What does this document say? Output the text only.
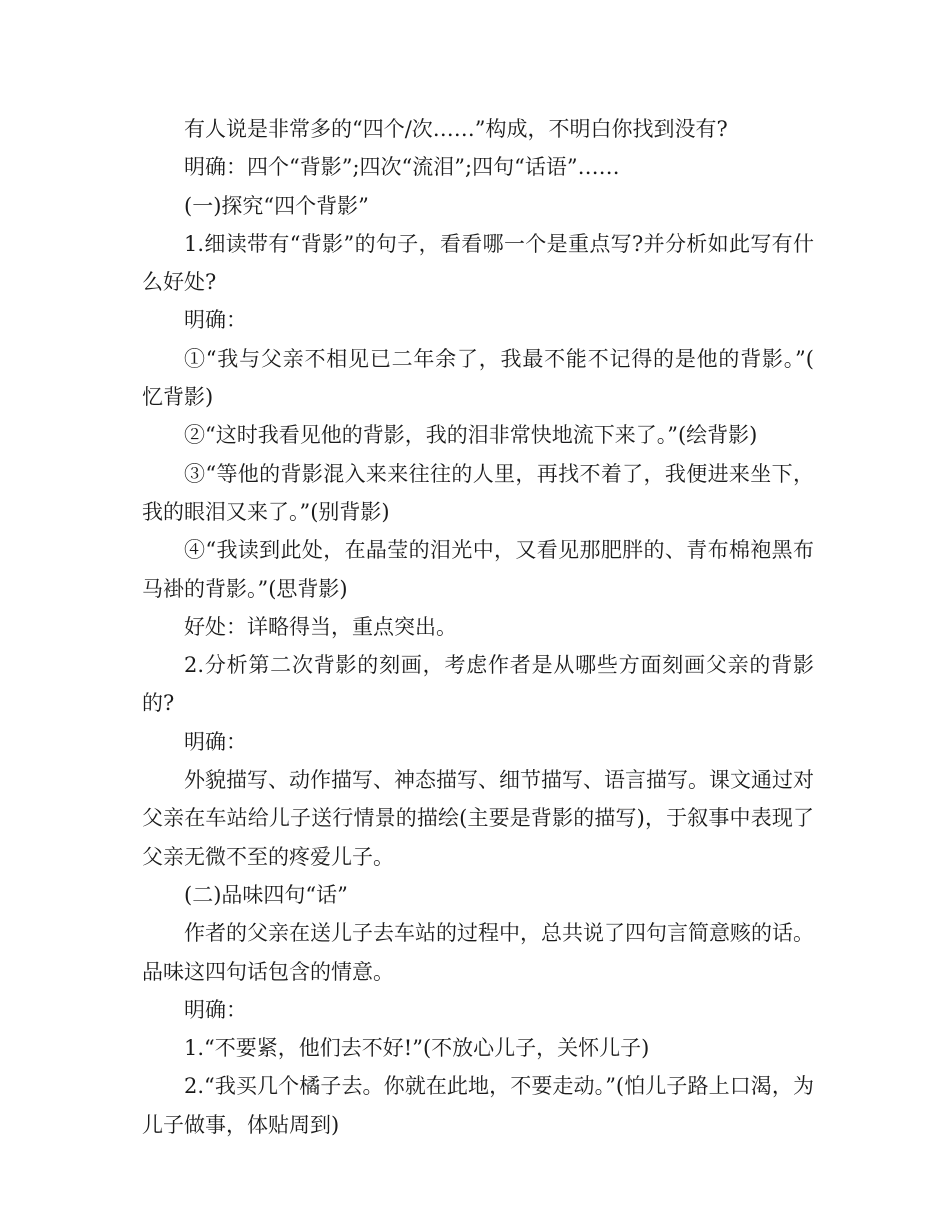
有人说是非常多的“四个/次……”构成，不明白你找到没有?

明确：四个“背影”;四次“流泪”;四句“话语”……

(一)探究“四个背影”

1.细读带有“背影”的句子，看看哪一个是重点写?并分析如此写有什么好处?

明确：

①“我与父亲不相见已二年余了，我最不能不记得的是他的背影。”( 忆背影)

②“这时我看见他的背影，我的泪非常快地流下来了。”(绘背影)

③“等他的背影混入来来往往的人里，再找不着了，我便进来坐下，我的眼泪又来了。”(别背影)

④“我读到此处，在晶莹的泪光中，又看见那肥胖的、青布棉袍黑布马褂的背影。”(思背影)

好处：详略得当，重点突出。

2.分析第二次背影的刻画，考虑作者是从哪些方面刻画父亲的背影的?

明确：

外貌描写、动作描写、神态描写、细节描写、语言描写。课文通过对父亲在车站给儿子送行情景的描绘(主要是背影的描写)，于叙事中表现了父亲无微不至的疼爱儿子。

(二)品味四句“话”

作者的父亲在送儿子去车站的过程中，总共说了四句言简意赅的话。品味这四句话包含的情意。

明确：

1.“不要紧，他们去不好!”(不放心儿子，关怀儿子)

2.“我买几个橘子去。你就在此地，不要走动。”(怕儿子路上口渴，为儿子做事，体贴周到)
